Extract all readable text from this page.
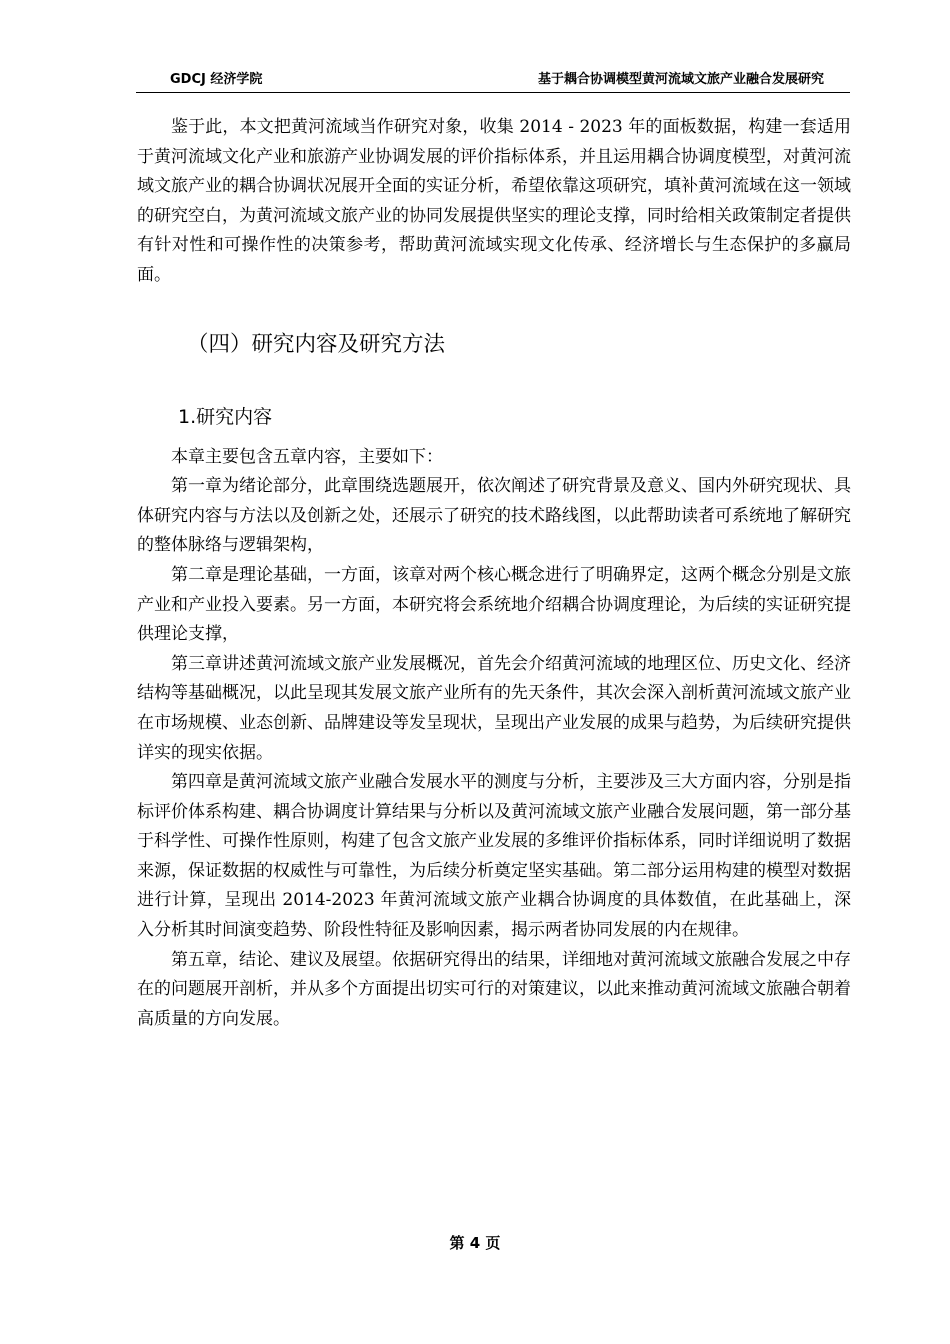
GDCJ 经济学院	基于耦合协调模型黄河流域文旅产业融合发展研究

鉴于此，本文把黄河流域当作研究对象，收集 2014 - 2023 年的面板数据，构建一套适用于黄河流域文化产业和旅游产业协调发展的评价指标体系，并且运用耦合协调度模型，对黄河流域文旅产业的耦合协调状况展开全面的实证分析，希望依靠这项研究，填补黄河流域在这一领域的研究空白，为黄河流域文旅产业的协同发展提供坚实的理论支撑，同时给相关政策制定者提供有针对性和可操作性的决策参考，帮助黄河流域实现文化传承、经济增长与生态保护的多赢局面。

（四）研究内容及研究方法
1.研究内容

本章主要包含五章内容，主要如下：

第一章为绪论部分，此章围绕选题展开，依次阐述了研究背景及意义、国内外研究现状、具体研究内容与方法以及创新之处，还展示了研究的技术路线图，以此帮助读者可系统地了解研究的整体脉络与逻辑架构，

第二章是理论基础，一方面，该章对两个核心概念进行了明确界定，这两个概念分别是文旅产业和产业投入要素。另一方面，本研究将会系统地介绍耦合协调度理论，为后续的实证研究提供理论支撑，

第三章讲述黄河流域文旅产业发展概况，首先会介绍黄河流域的地理区位、历史文化、经济结构等基础概况，以此呈现其发展文旅产业所有的先天条件，其次会深入剖析黄河流域文旅产业在市场规模、业态创新、品牌建设等发呈现状，呈现出产业发展的成果与趋势，为后续研究提供详实的现实依据。

第四章是黄河流域文旅产业融合发展水平的测度与分析，主要涉及三大方面内容，分别是指标评价体系构建、耦合协调度计算结果与分析以及黄河流域文旅产业融合发展问题，第一部分基于科学性、可操作性原则，构建了包含文旅产业发展的多维评价指标体系，同时详细说明了数据来源，保证数据的权威性与可靠性，为后续分析奠定坚实基础。第二部分运用构建的模型对数据进行计算，呈现出 2014-2023 年黄河流域文旅产业耦合协调度的具体数值，在此基础上，深入分析其时间演变趋势、阶段性特征及影响因素，揭示两者协同发展的内在规律。

第五章，结论、建议及展望。依据研究得出的结果，详细地对黄河流域文旅融合发展之中存在的问题展开剖析，并从多个方面提出切实可行的对策建议，以此来推动黄河流域文旅融合朝着高质量的方向发展。

第 4 页
